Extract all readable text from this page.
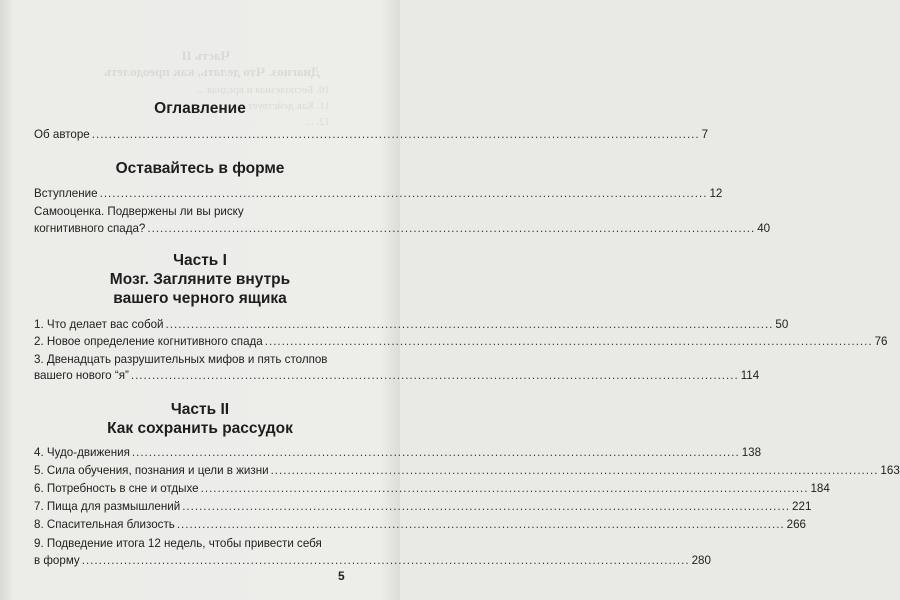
Часть II
Диагноз. Что делать, как преодолеть
10. Бесполезная и вредная ...
11. Как действует ...
12. ...
Оглавление
Об авторе ................................................................................................................................................ 7
Оставайтесь в форме
Вступление ................................................................................................................................................ 12
Самооценка. Подвержены ли вы риску
когнитивного спада? ................................................................................................................................................ 40
Часть I
Мозг. Загляните внутрь
вашего черного ящика
1. Что делает вас собой ................................................................................................................................................ 50
2. Новое определение когнитивного спада ................................................................................................................................................ 76
3. Двенадцать разрушительных мифов и пять столпов
вашего нового “я” ................................................................................................................................................ 114
Часть II
Как сохранить рассудок
4. Чудо-движения ................................................................................................................................................ 138
5. Сила обучения, познания и цели в жизни ................................................................................................................................................ 163
6. Потребность в сне и отдыхе ................................................................................................................................................ 184
7. Пища для размышлений ................................................................................................................................................ 221
8. Спасительная близость ................................................................................................................................................ 266
9. Подведение итога 12 недель, чтобы привести себя
в форму ................................................................................................................................................ 280
5
